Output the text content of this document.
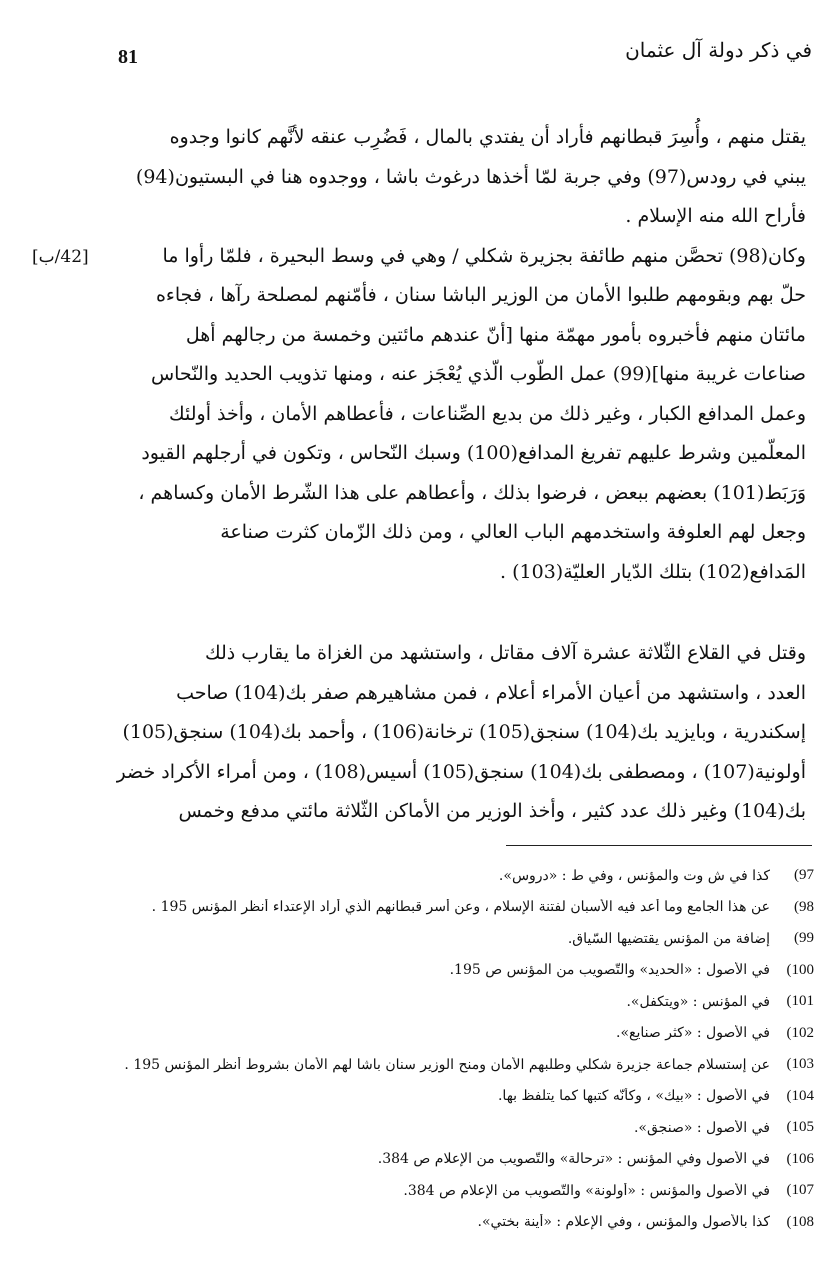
في ذكر دولة آل عثمان
81
[42/ب]
يقتل منهم ، وأُسِرَ قبطانهم فأراد أن يفتدي بالمال ، فَضُرِب عنقه لأنَّهم كانوا وجدوه
يبني في رودس(97) وفي جربة لمّا أخذها درغوث باشا ، ووجدوه هنا في البستيون(94)
فأراح الله منه الإسلام .
وكان(98) تحصَّن منهم طائفة بجزيرة شكلي / وهي في وسط البحيرة ، فلمّا رأوا ما
حلّ بهم وبقومهم طلبوا الأمان من الوزير الباشا سنان ، فأمّنهم لمصلحة رآها ، فجاءه
مائتان منهم فأخبروه بأمور مهمّة منها [أنّ عندهم مائتين وخمسة من رجالهم أهل
صناعات غريبة منها](99) عمل الطّوب الّذي يُعْجَز عنه ، ومنها تذويب الحديد والنّحاس
وعمل المدافع الكبار ، وغير ذلك من بديع الصِّناعات ، فأعطاهم الأمان ، وأخذ أولئك
المعلّمين وشرط عليهم تفريغ المدافع(100) وسبك النّحاس ، وتكون في أرجلهم القيود
وَرَبَط(101) بعضهم ببعض ، فرضوا بذلك ، وأعطاهم على هذا الشّرط الأمان وكساهم ،
وجعل لهم العلوفة واستخدمهم الباب العالي ، ومن ذلك الزّمان كثرت صناعة
المَدافع(102) بتلك الدّيار العليّة(103) .
وقتل في القلاع الثّلاثة عشرة آلاف مقاتل ، واستشهد من الغزاة ما يقارب ذلك
العدد ، واستشهد من أعيان الأمراء أعلام ، فمن مشاهيرهم صفر بك(104) صاحب
إسكندرية ، وبايزيد بك(104) سنجق(105) ترخانة(106) ، وأحمد بك(104) سنجق(105)
أولونية(107) ، ومصطفى بك(104) سنجق(105) أسيس(108) ، ومن أمراء الأكراد خضر
بك(104) وغير ذلك عدد كثير ، وأخذ الوزير من الأماكن الثّلاثة مائتي مدفع وخمس
97)
كذا في ش وت والمؤنس ، وفي ط : «دروس».
98)
عن هذا الجامع وما أعد فيه الأسبان لفتنة الإسلام ، وعن أسر قبطانهم الّذي أراد الإعتداء أنظر المؤنس 195 .
99)
إضافة من المؤنس يقتضيها السّياق.
100)
في الأصول : «الحديد» والتّصويب من المؤنس ص 195.
101)
في المؤنس : «ويتكفل».
102)
في الأصول : «كثر صنايع».
103)
عن إستسلام جماعة جزيرة شكلي وطلبهم الأمان ومنح الوزير سنان باشا لهم الأمان بشروط أنظر المؤنس 195 .
104)
في الأصول : «بيك» ، وكأنّه كتبها كما يتلفظ بها.
105)
في الأصول : «صنجق».
106)
في الأصول وفي المؤنس : «ترحالة» والتّصويب من الإعلام ص 384.
107)
في الأصول والمؤنس : «أولونة» والتّصويب من الإعلام ص 384.
108)
كذا بالأصول والمؤنس ، وفي الإعلام : «أينة بختي».
